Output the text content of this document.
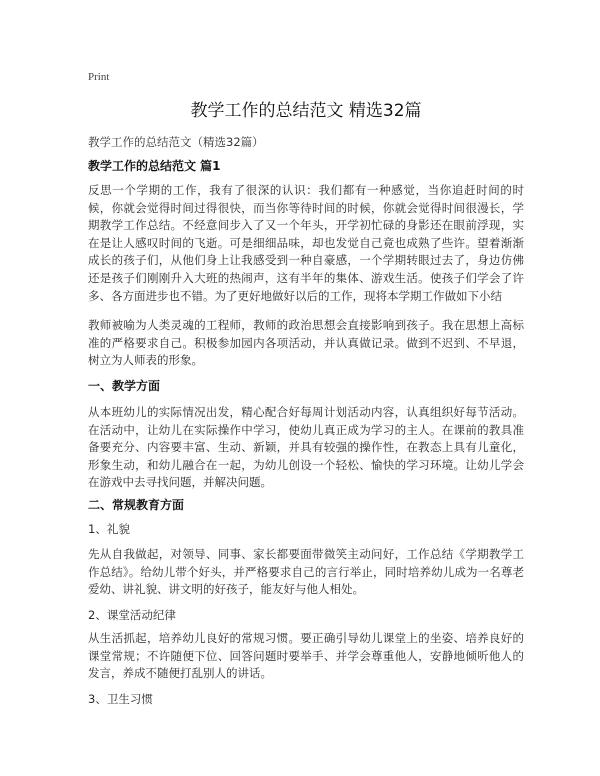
Print
教学工作的总结范文 精选32篇
教学工作的总结范文（精选32篇）
教学工作的总结范文 篇1
反思一个学期的工作，我有了很深的认识：我们都有一种感觉，当你追赶时间的时候，你就会觉得时间过得很快，而当你等待时间的时候，你就会觉得时间很漫长，学期教学工作总结。不经意间步入了又一个年头，开学初忙碌的身影还在眼前浮现，实在是让人感叹时间的飞逝。可是细细品味，却也发觉自己竟也成熟了些许。望着渐渐成长的孩子们，从他们身上让我感受到一种自豪感，一个学期转眼过去了，身边仿佛还是孩子们刚刚升入大班的热闹声，这有半年的集体、游戏生活。使孩子们学会了许多、各方面进步也不错。为了更好地做好以后的工作，现将本学期工作做如下小结
教师被喻为人类灵魂的工程师，教师的政治思想会直接影响到孩子。我在思想上高标准的严格要求自己。积极参加园内各项活动，并认真做记录。做到不迟到、不早退，树立为人师表的形象。
一、教学方面
从本班幼儿的实际情况出发，精心配合好每周计划活动内容，认真组织好每节活动。在活动中，让幼儿在实际操作中学习，使幼儿真正成为学习的主人。在课前的教具准备要充分、内容要丰富、生动、新颖，并具有较强的操作性，在教态上具有儿童化，形象生动，和幼儿融合在一起，为幼儿创设一个轻松、愉快的学习环境。让幼儿学会在游戏中去寻找问题，并解决问题。
二、常规教育方面
1、礼貌
先从自我做起，对领导、同事、家长都要面带微笑主动问好，工作总结《学期教学工作总结》。给幼儿带个好头，并严格要求自己的言行举止，同时培养幼儿成为一名尊老爱幼、讲礼貌、讲文明的好孩子，能友好与他人相处。
2、课堂活动纪律
从生活抓起，培养幼儿良好的常规习惯。要正确引导幼儿课堂上的坐姿、培养良好的课堂常规；不许随便下位、回答问题时要举手、并学会尊重他人，安静地倾听他人的发言，养成不随便打乱别人的讲话。
3、卫生习惯
